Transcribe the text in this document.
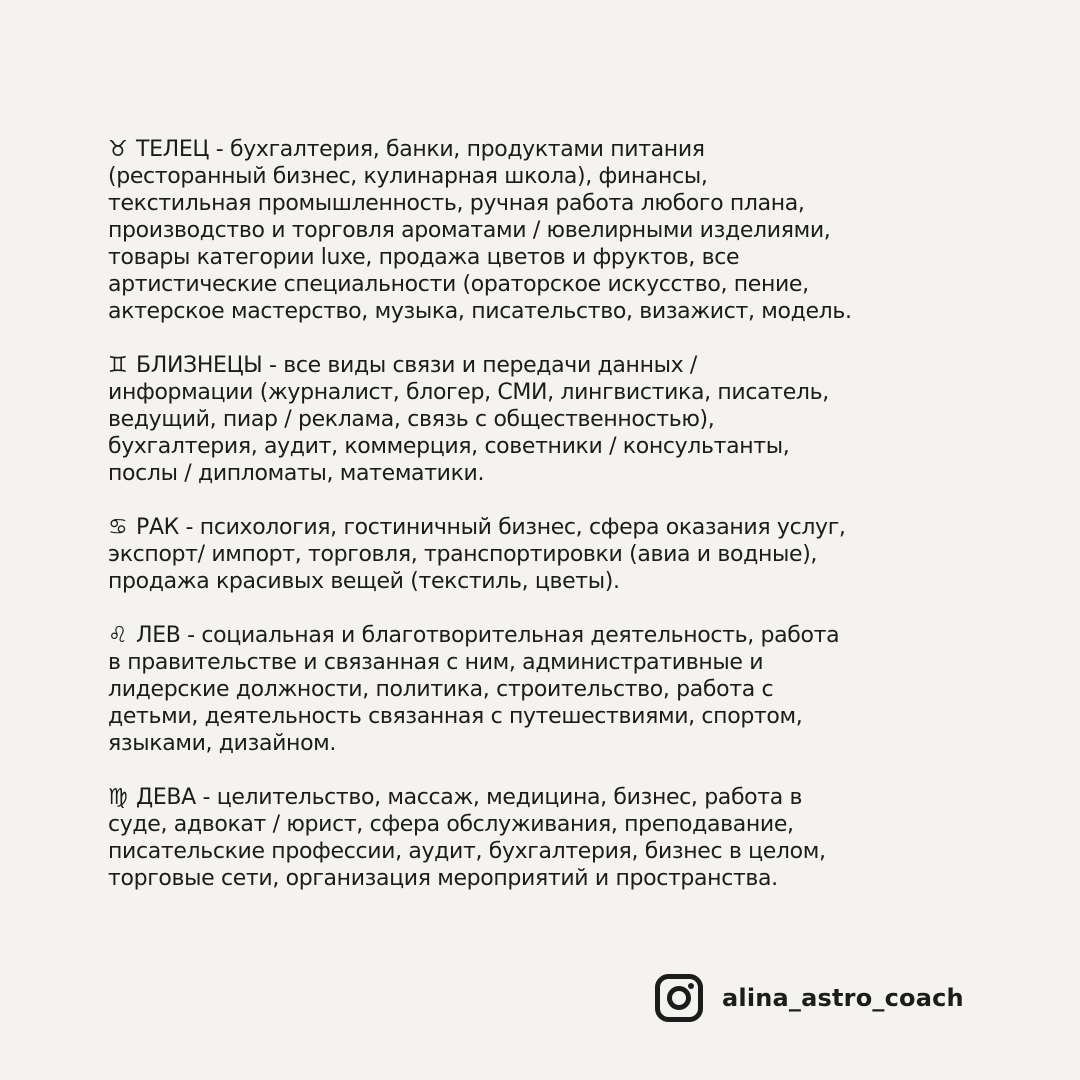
♉ ТЕЛЕЦ - бухгалтерия, банки, продуктами питания
(ресторанный бизнес, кулинарная школа), финансы,
текстильная промышленность, ручная работа любого плана,
производство и торговля ароматами / ювелирными изделиями,
товары категории luxe, продажа цветов и фруктов, все
артистические специальности (ораторское искусство, пение,
актерское мастерство, музыка, писательство, визажист, модель.
♊ БЛИЗНЕЦЫ - все виды связи и передачи данных /
информации (журналист, блогер, СМИ, лингвистика, писатель,
ведущий, пиар / реклама, связь с общественностью),
бухгалтерия, аудит, коммерция, советники / консультанты,
послы / дипломаты, математики.
♋ РАК - психология, гостиничный бизнес, сфера оказания услуг,
экспорт/ импорт, торговля, транспортировки (авиа и водные),
продажа красивых вещей (текстиль, цветы).
♌ ЛЕВ - социальная и благотворительная деятельность, работа
в правительстве и связанная с ним, административные и
лидерские должности, политика, строительство, работа с
детьми, деятельность связанная с путешествиями, спортом,
языками, дизайном.
♍ ДЕВА - целительство, массаж, медицина, бизнес, работа в
суде, адвокат / юрист, сфера обслуживания, преподавание,
писательские профессии, аудит, бухгалтерия, бизнес в целом,
торговые сети, организация мероприятий и пространства.
alina_astro_coach
